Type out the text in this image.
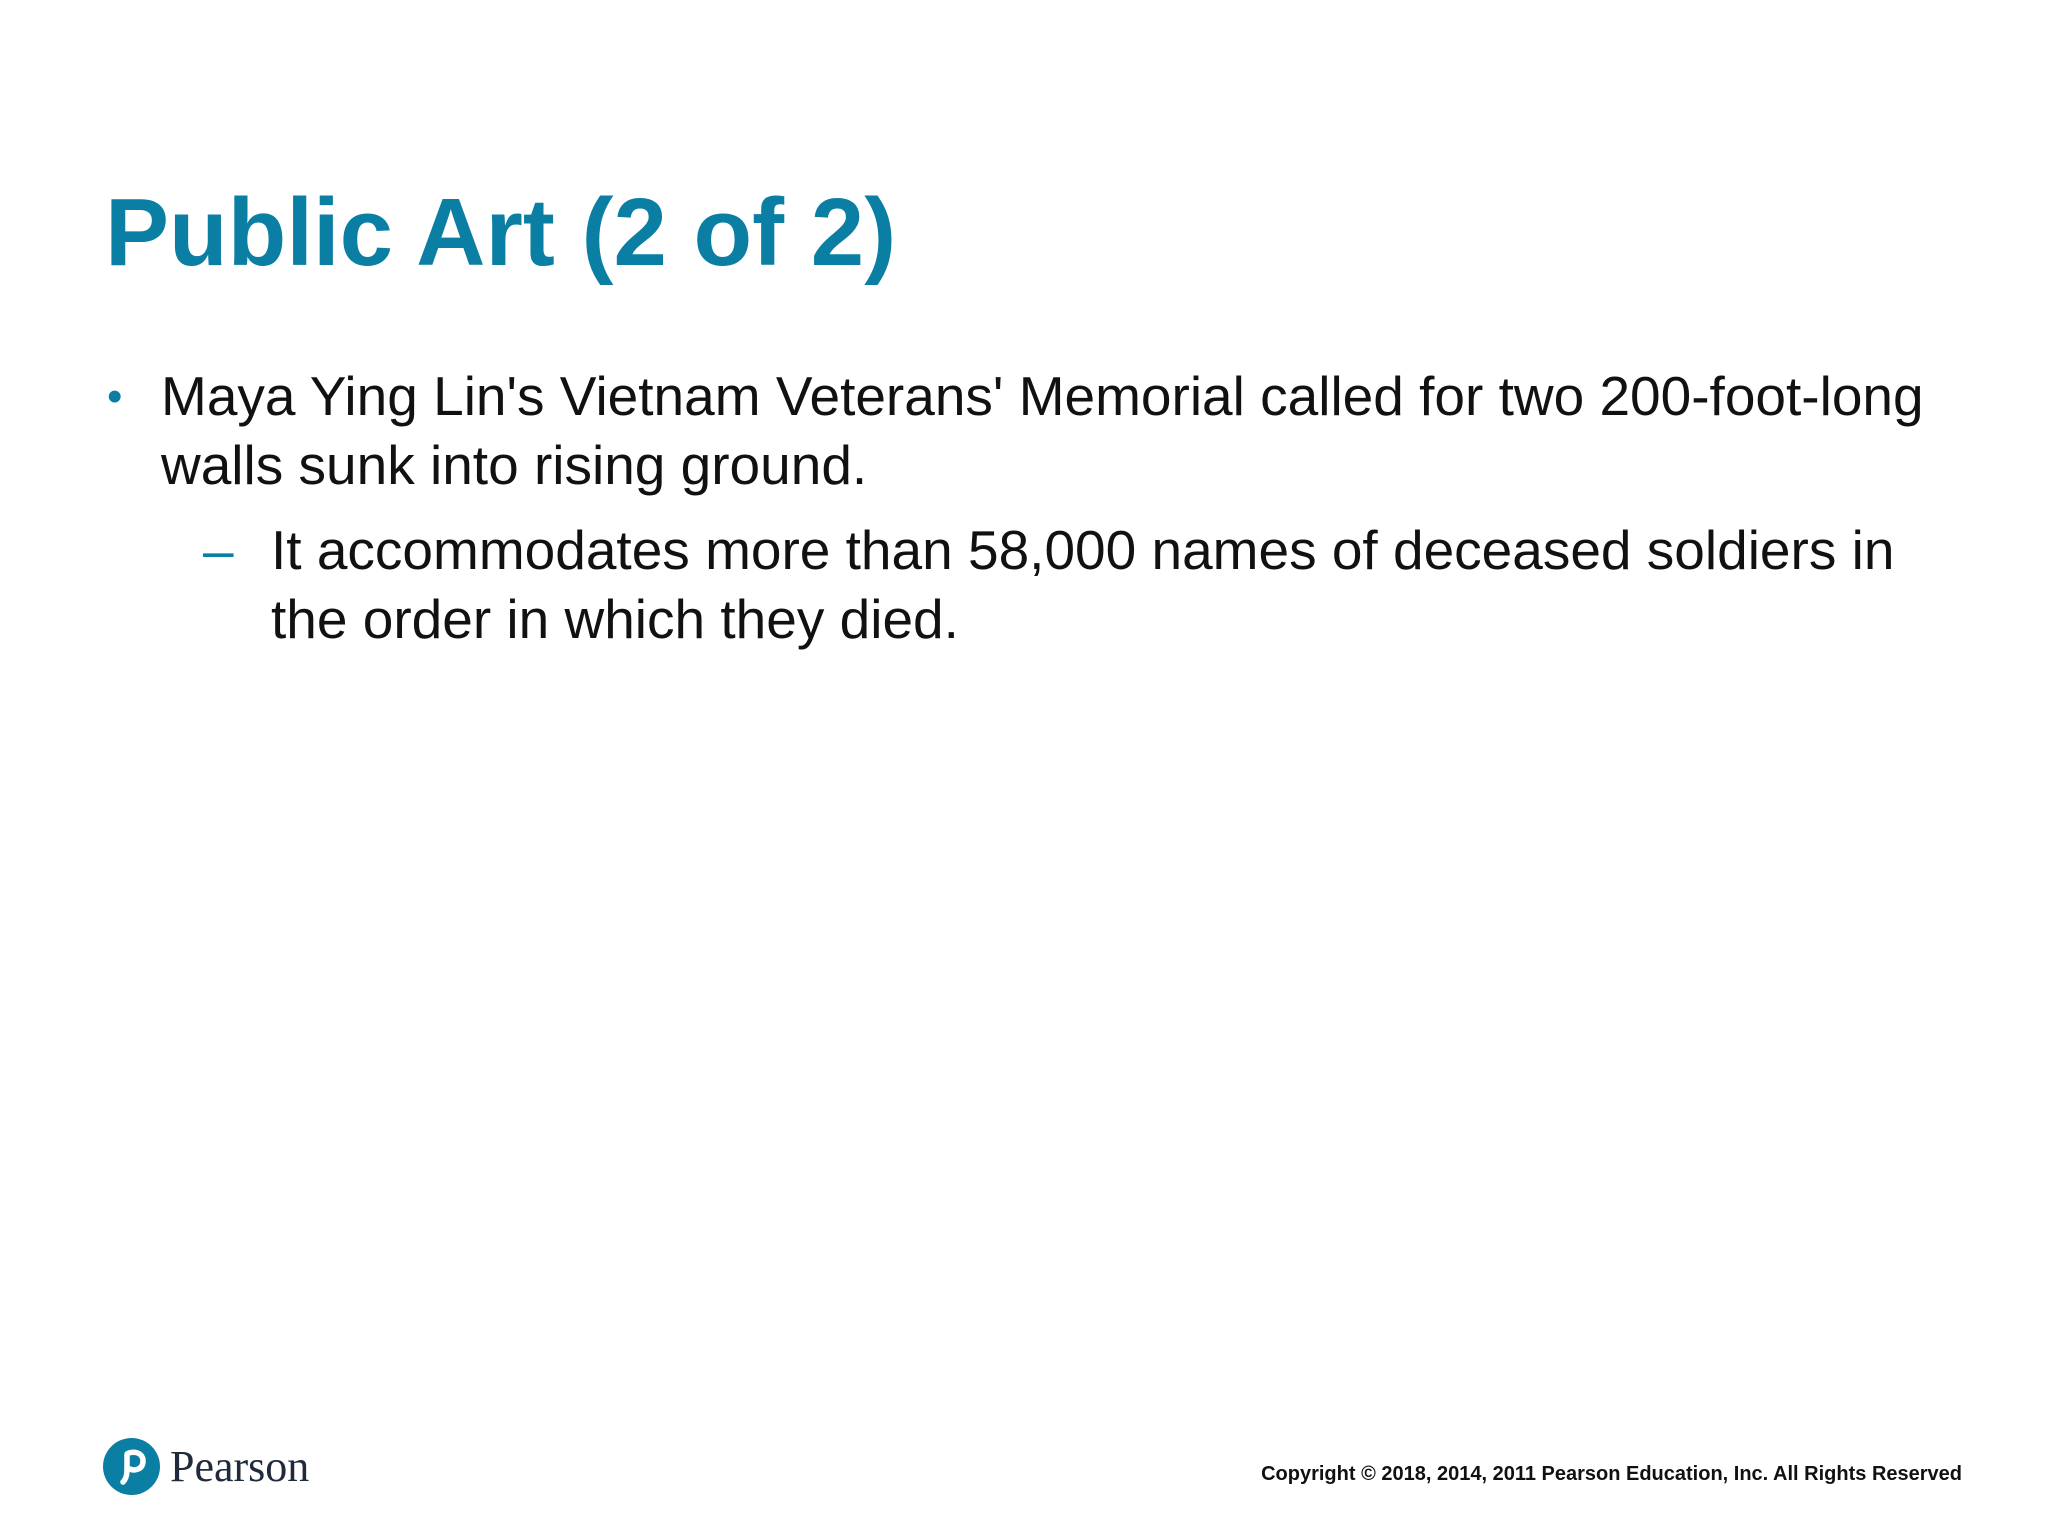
Public Art (2 of 2)
• Maya Ying Lin's Vietnam Veterans' Memorial called for two 200-foot-long walls sunk into rising ground.
– It accommodates more than 58,000 names of deceased soldiers in the order in which they died.
Pearson	Copyright © 2018, 2014, 2011 Pearson Education, Inc. All Rights Reserved
